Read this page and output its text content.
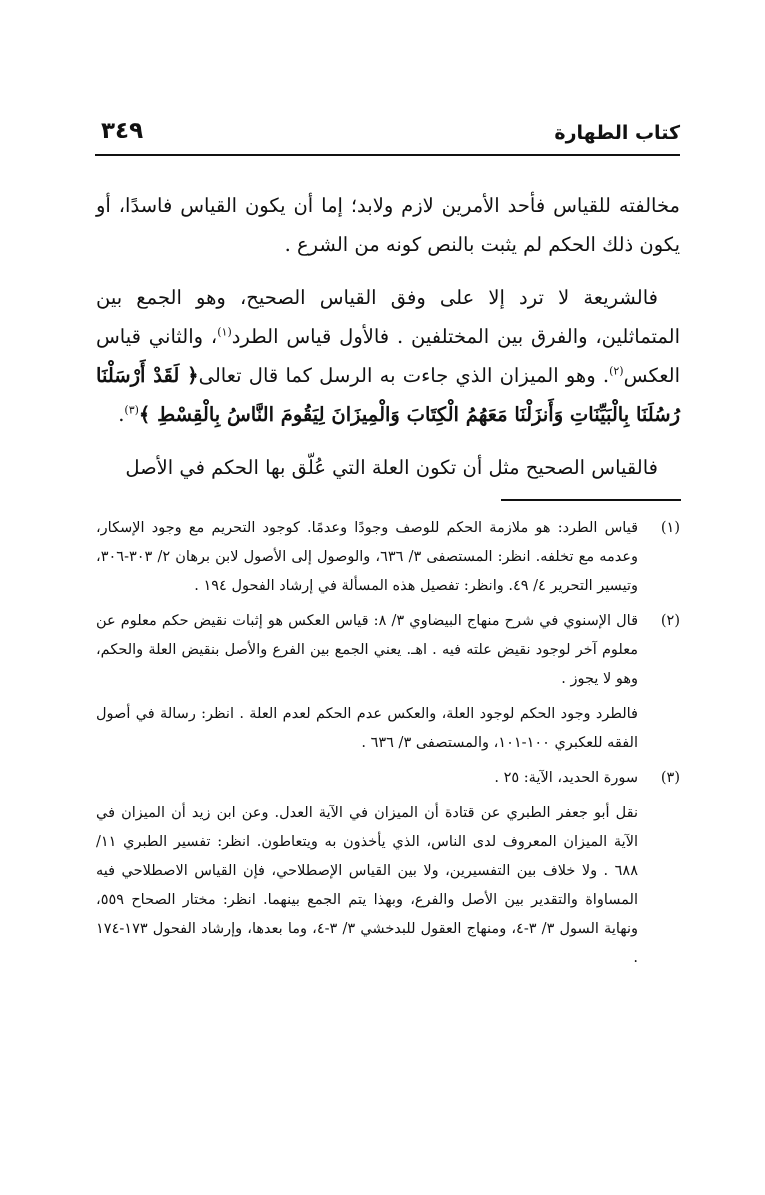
كتاب الطهارة
٣٤٩

مخالفته للقياس فأحد الأمرين لازم ولابد؛ إما أن يكون القياس فاسدًا، أو يكون ذلك الحكم لم يثبت بالنص كونه من الشرع .

فالشريعة لا ترد إلا على وفق القياس الصحيح، وهو الجمع بين المتماثلين، والفرق بين المختلفين . فالأول قياس الطرد$^{(١)}$، والثاني قياس العكس$^{(٢)}$. وهو الميزان الذي جاءت به الرسل كما قال تعالى﴿ لَقَدْ أَرْسَلْنَا رُسُلَنَا بِالْبَيِّنَاتِ وَأَنزَلْنَا مَعَهُمُ الْكِتَابَ وَالْمِيزَانَ لِيَقُومَ النَّاسُ بِالْقِسْطِ ﴾$^{(٣)}$.

فالقياس الصحيح مثل أن تكون العلة التي عُلّق بها الحكم في الأصل

(١)
قياس الطرد: هو ملازمة الحكم للوصف وجودًا وعدمًا. كوجود التحريم مع وجود الإسكار، وعدمه مع تخلفه. انظر: المستصفى ٣/ ٦٣٦، والوصول إلى الأصول لابن برهان ٢/ ٣٠٣-٣٠٦، وتيسير التحرير ٤/ ٤٩. وانظر: تفصيل هذه المسألة في إرشاد الفحول ١٩٤ .
(٢)
قال الإسنوي في شرح منهاج البيضاوي ٣/ ٨: قياس العكس هو إثبات نقيض حكم معلوم عن معلوم آخر لوجود نقيض علته فيه . اهـ. يعني الجمع بين الفرع والأصل بنقيض العلة والحكم، وهو لا يجوز .
فالطرد وجود الحكم لوجود العلة، والعكس عدم الحكم لعدم العلة . انظر: رسالة في أصول الفقه للعكبري ١٠٠-١٠١، والمستصفى ٣/ ٦٣٦ .
(٣)
سورة الحديد، الآية: ٢٥ .
نقل أبو جعفر الطبري عن قتادة أن الميزان في الآية العدل. وعن ابن زيد أن الميزان في الآية الميزان المعروف لدى الناس، الذي يأخذون به ويتعاطون. انظر: تفسير الطبري ١١/ ٦٨٨ . ولا خلاف بين التفسيرين، ولا بين القياس الإصطلاحي، فإن القياس الاصطلاحي فيه المساواة والتقدير بين الأصل والفرع، وبهذا يتم الجمع بينهما. انظر: مختار الصحاح ٥٥٩، ونهاية السول ٣/ ٣-٤، ومنهاج العقول للبدخشي ٣/ ٣-٤، وما بعدها، وإرشاد الفحول ١٧٣-١٧٤ .
